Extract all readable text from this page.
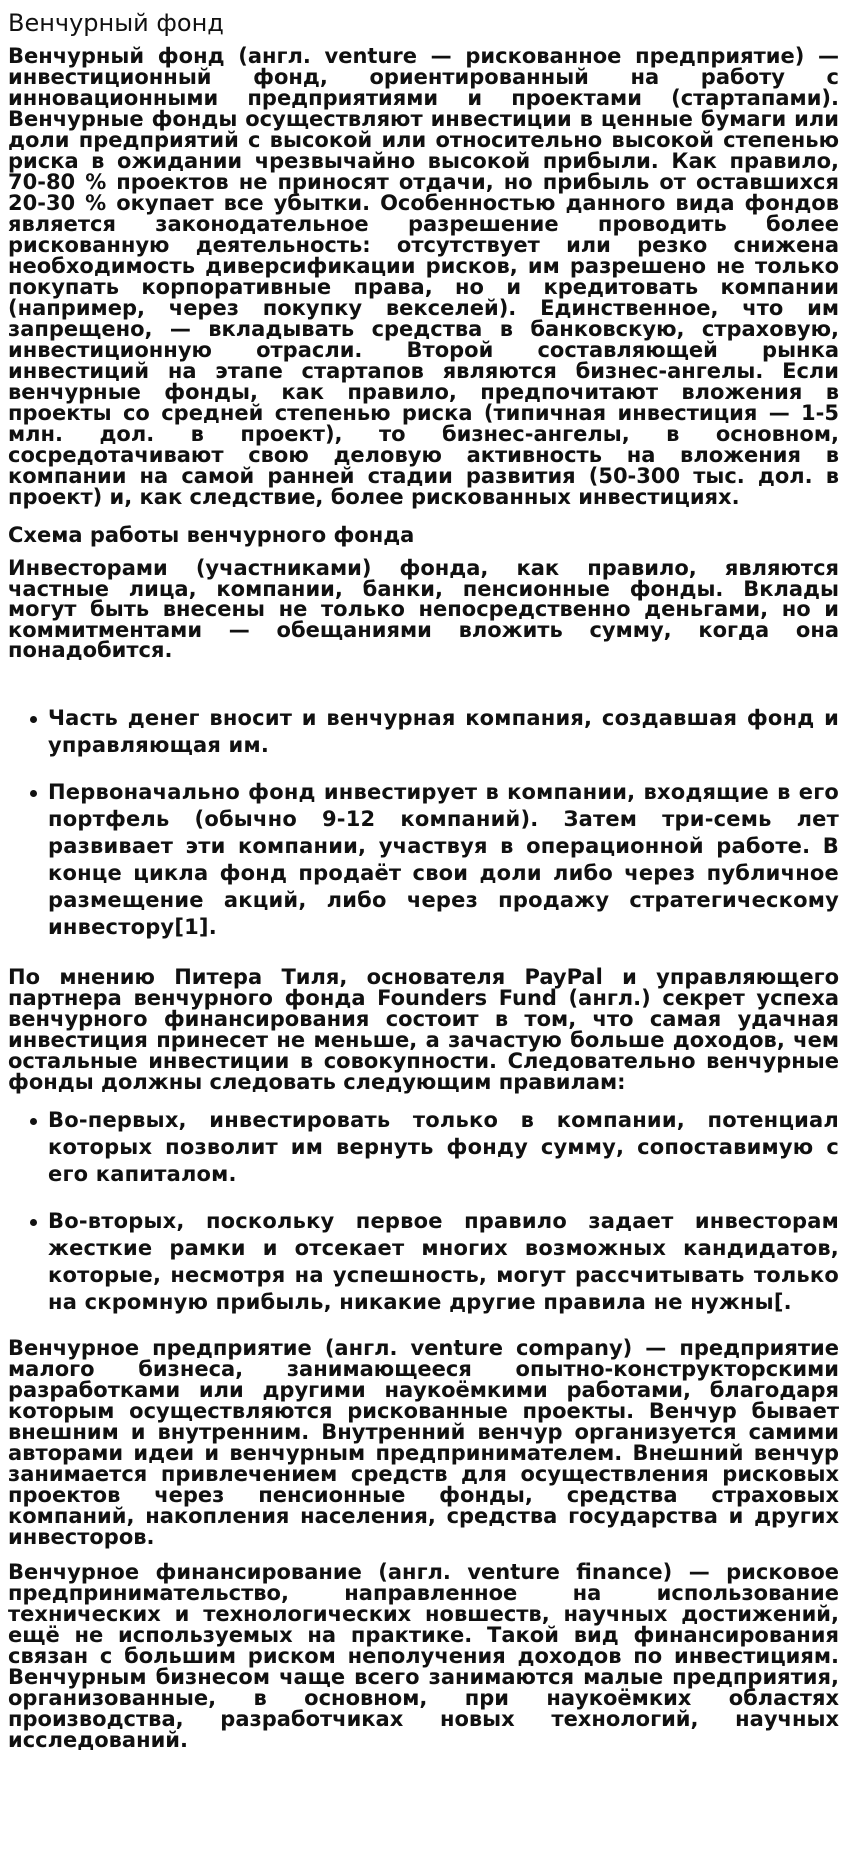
Венчурный фонд

Венчурный фонд (англ. venture — рискованное предприятие) — инвестиционный фонд, ориентированный на работу с инновационными предприятиями и проектами (стартапами). Венчурные фонды осуществляют инвестиции в ценные бумаги или доли предприятий с высокой или относительно высокой степенью риска в ожидании чрезвычайно высокой прибыли. Как правило, 70-80 % проектов не приносят отдачи, но прибыль от оставшихся 20-30 % окупает все убытки. Особенностью данного вида фондов является законодательное разрешение проводить более рискованную деятельность: отсутствует или резко снижена необходимость диверсификации рисков, им разрешено не только покупать корпоративные права, но и кредитовать компании (например, через покупку векселей). Единственное, что им запрещено, — вкладывать средства в банковскую, страховую, инвестиционную отрасли. Второй составляющей рынка инвестиций на этапе стартапов являются бизнес-ангелы. Если венчурные фонды, как правило, предпочитают вложения в проекты со средней степенью риска (типичная инвестиция — 1-5 млн. дол. в проект), то бизнес-ангелы, в основном, сосредотачивают свою деловую активность на вложения в компании на самой ранней стадии развития (50-300 тыс. дол. в проект) и, как следствие, более рискованных инвестициях.

Схема работы венчурного фонда

Инвесторами (участниками) фонда, как правило, являются частные лица, компании, банки, пенсионные фонды. Вклады могут быть внесены не только непосредственно деньгами, но и коммитментами — обещаниями вложить сумму, когда она понадобится.

Часть денег вносит и венчурная компания, создавшая фонд и управляющая им.
Первоначально фонд инвестирует в компании, входящие в его портфель (обычно 9-12 компаний). Затем три-семь лет развивает эти компании, участвуя в операционной работе. В конце цикла фонд продаёт свои доли либо через публичное размещение акций, либо через продажу стратегическому инвестору[1].

По мнению Питера Тиля, основателя PayPal и управляющего партнера венчурного фонда Founders Fund (англ.) секрет успеха венчурного финансирования состоит в том, что самая удачная инвестиция принесет не меньше, а зачастую больше доходов, чем остальные инвестиции в совокупности. Следовательно венчурные фонды должны следовать следующим правилам:

Во-первых, инвестировать только в компании, потенциал которых позволит им вернуть фонду сумму, сопоставимую с его капиталом.
Во-вторых, поскольку первое правило задает инвесторам жесткие рамки и отсекает многих возможных кандидатов, которые, несмотря на успешность, могут рассчитывать только на скромную прибыль, никакие другие правила не нужны[.

Венчурное предприятие (англ. venture company) — предприятие малого бизнеса, занимающееся опытно-конструкторскими разработками или другими наукоёмкими работами, благодаря которым осуществляются рискованные проекты. Венчур бывает внешним и внутренним. Внутренний венчур организуется самими авторами идеи и венчурным предпринимателем. Внешний венчур занимается привлечением средств для осуществления рисковых проектов через пенсионные фонды, средства страховых компаний, накопления населения, средства государства и других инвесторов.

Венчурное финансирование (англ. venture finance) — рисковое предпринимательство, направленное на использование технических и технологических новшеств, научных достижений, ещё не используемых на практике. Такой вид финансирования связан с большим риском неполучения доходов по инвестициям. Венчурным бизнесом чаще всего занимаются малые предприятия, организованные, в основном, при наукоёмких областях производства, разработчиках новых технологий, научных исследований.
